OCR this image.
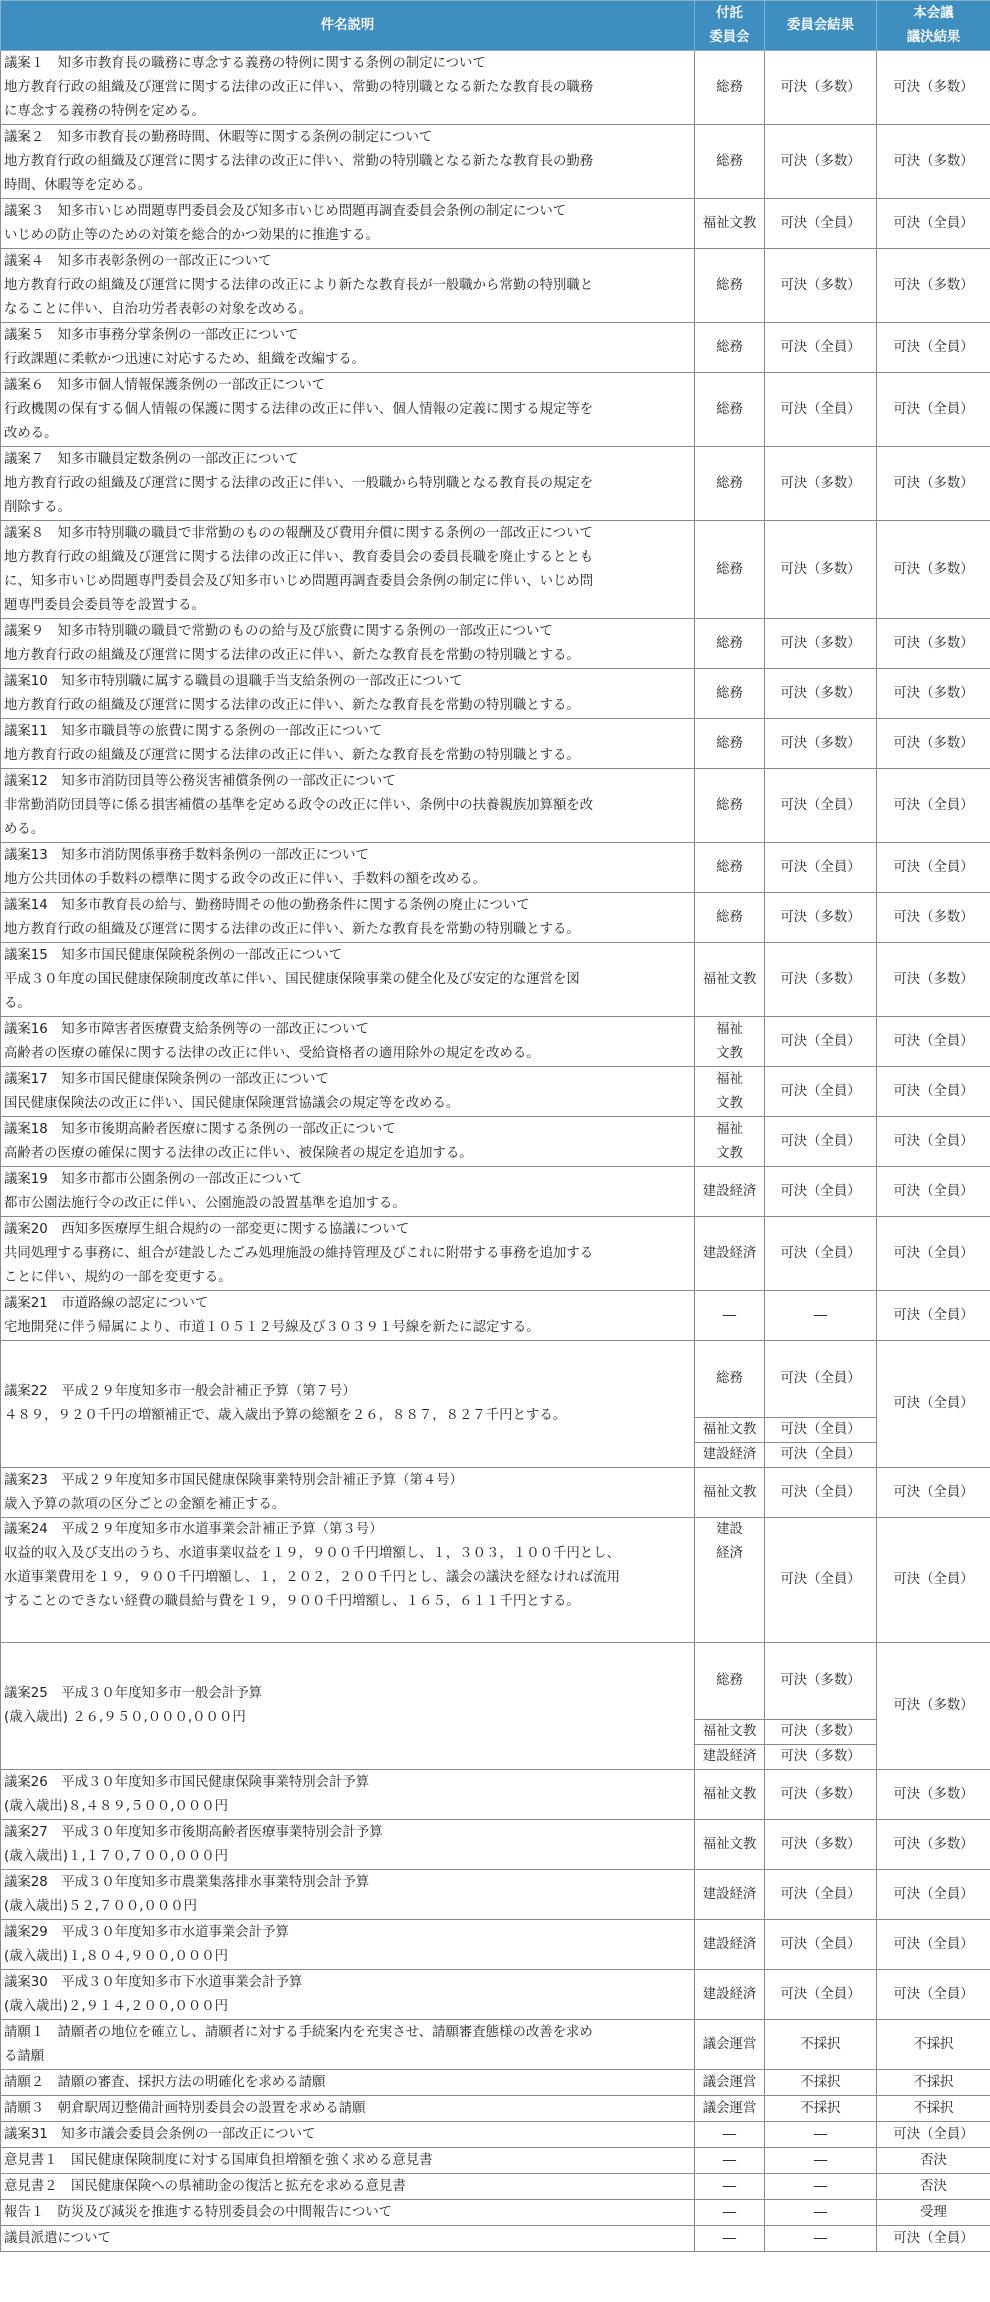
件名説明	付託
委員会	委員会結果	本会議
議決結果

議案１　知多市教育長の職務に専念する義務の特例に関する条例の制定について
地方教育行政の組織及び運営に関する法律の改正に伴い、常勤の特別職となる新たな教育長の職務
に専念する義務の特例を定める。	総務	可決（多数）	可決（多数）

議案２　知多市教育長の勤務時間、休暇等に関する条例の制定について
地方教育行政の組織及び運営に関する法律の改正に伴い、常勤の特別職となる新たな教育長の勤務
時間、休暇等を定める。	総務	可決（多数）	可決（多数）

議案３　知多市いじめ問題専門委員会及び知多市いじめ問題再調査委員会条例の制定について
いじめの防止等のための対策を総合的かつ効果的に推進する。	福祉文教	可決（全員）	可決（全員）

議案４　知多市表彰条例の一部改正について
地方教育行政の組織及び運営に関する法律の改正により新たな教育長が一般職から常勤の特別職と
なることに伴い、自治功労者表彰の対象を改める。	総務	可決（多数）	可決（多数）

議案５　知多市事務分掌条例の一部改正について
行政課題に柔軟かつ迅速に対応するため、組織を改編する。	総務	可決（全員）	可決（全員）

議案６　知多市個人情報保護条例の一部改正について
行政機関の保有する個人情報の保護に関する法律の改正に伴い、個人情報の定義に関する規定等を
改める。	総務	可決（全員）	可決（全員）

議案７　知多市職員定数条例の一部改正について
地方教育行政の組織及び運営に関する法律の改正に伴い、一般職から特別職となる教育長の規定を
削除する。	総務	可決（多数）	可決（多数）

議案８　知多市特別職の職員で非常勤のものの報酬及び費用弁償に関する条例の一部改正について
地方教育行政の組織及び運営に関する法律の改正に伴い、教育委員会の委員長職を廃止するととも
に、知多市いじめ問題専門委員会及び知多市いじめ問題再調査委員会条例の制定に伴い、いじめ問
題専門委員会委員等を設置する。	総務	可決（多数）	可決（多数）

議案９　知多市特別職の職員で常勤のものの給与及び旅費に関する条例の一部改正について
地方教育行政の組織及び運営に関する法律の改正に伴い、新たな教育長を常勤の特別職とする。	総務	可決（多数）	可決（多数）

議案10　知多市特別職に属する職員の退職手当支給条例の一部改正について
地方教育行政の組織及び運営に関する法律の改正に伴い、新たな教育長を常勤の特別職とする。	総務	可決（多数）	可決（多数）

議案11　知多市職員等の旅費に関する条例の一部改正について
地方教育行政の組織及び運営に関する法律の改正に伴い、新たな教育長を常勤の特別職とする。	総務	可決（多数）	可決（多数）

議案12　知多市消防団員等公務災害補償条例の一部改正について
非常勤消防団員等に係る損害補償の基準を定める政令の改正に伴い、条例中の扶養親族加算額を改
める。	総務	可決（全員）	可決（全員）

議案13　知多市消防関係事務手数料条例の一部改正について
地方公共団体の手数料の標準に関する政令の改正に伴い、手数料の額を改める。	総務	可決（全員）	可決（全員）

議案14　知多市教育長の給与、勤務時間その他の勤務条件に関する条例の廃止について
地方教育行政の組織及び運営に関する法律の改正に伴い、新たな教育長を常勤の特別職とする。	総務	可決（多数）	可決（多数）

議案15　知多市国民健康保険税条例の一部改正について
平成３０年度の国民健康保険制度改革に伴い、国民健康保険事業の健全化及び安定的な運営を図
る。	福祉文教	可決（多数）	可決（多数）

議案16　知多市障害者医療費支給条例等の一部改正について
高齢者の医療の確保に関する法律の改正に伴い、受給資格者の適用除外の規定を改める。	福祉
文教	可決（全員）	可決（全員）

議案17　知多市国民健康保険条例の一部改正について
国民健康保険法の改正に伴い、国民健康保険運営協議会の規定等を改める。	福祉
文教	可決（全員）	可決（全員）

議案18　知多市後期高齢者医療に関する条例の一部改正について
高齢者の医療の確保に関する法律の改正に伴い、被保険者の規定を追加する。	福祉
文教	可決（全員）	可決（全員）

議案19　知多市都市公園条例の一部改正について
都市公園法施行令の改正に伴い、公園施設の設置基準を追加する。	建設経済	可決（全員）	可決（全員）

議案20　西知多医療厚生組合規約の一部変更に関する協議について
共同処理する事務に、組合が建設したごみ処理施設の維持管理及びこれに附帯する事務を追加する
ことに伴い、規約の一部を変更する。	建設経済	可決（全員）	可決（全員）

議案21　市道路線の認定について
宅地開発に伴う帰属により、市道１０５１２号線及び３０３９１号線を新たに認定する。	―	―	可決（全員）

議案22　平成２９年度知多市一般会計補正予算（第７号）
４８９，９２０千円の増額補正で、歳入歳出予算の総額を２６，８８７，８２７千円とする。	総務	可決（全員）	可決（全員）
	福祉文教	可決（全員）	
	建設経済	可決（全員）	

議案23　平成２９年度知多市国民健康保険事業特別会計補正予算（第４号）
歳入予算の款項の区分ごとの金額を補正する。	福祉文教	可決（全員）	可決（全員）

議案24　平成２９年度知多市水道事業会計補正予算（第３号）
収益的収入及び支出のうち、水道事業収益を１９，９００千円増額し、１，３０３，１００千円とし、
水道事業費用を１９，９００千円増額し、１，２０２，２００千円とし、議会の議決を経なければ流用
することのできない経費の職員給与費を１９，９００千円増額し、１６５，６１１千円とする。	建設
経済	可決（全員）	可決（全員）

議案25　平成３０年度知多市一般会計予算
(歳入歳出) ２６,９５０,０００,０００円	総務	可決（多数）	可決（多数）
	福祉文教	可決（多数）	
	建設経済	可決（多数）	

議案26　平成３０年度知多市国民健康保険事業特別会計予算
(歳入歳出)８,４８９,５００,０００円	福祉文教	可決（多数）	可決（多数）

議案27　平成３０年度知多市後期高齢者医療事業特別会計予算
(歳入歳出)１,１７０,７００,０００円	福祉文教	可決（多数）	可決（多数）

議案28　平成３０年度知多市農業集落排水事業特別会計予算
(歳入歳出)５２,７００,０００円	建設経済	可決（全員）	可決（全員）

議案29　平成３０年度知多市水道事業会計予算
(歳入歳出)１,８０４,９００,０００円	建設経済	可決（全員）	可決（全員）

議案30　平成３０年度知多市下水道事業会計予算
(歳入歳出)２,９１４,２００,０００円	建設経済	可決（全員）	可決（全員）

請願１　請願者の地位を確立し、請願者に対する手続案内を充実させ、請願審査態様の改善を求め
る請願	議会運営	不採択	不採択

請願２　請願の審査、採択方法の明確化を求める請願	議会運営	不採択	不採択

請願３　朝倉駅周辺整備計画特別委員会の設置を求める請願	議会運営	不採択	不採択

議案31　知多市議会委員会条例の一部改正について	―	―	可決（全員）

意見書１　国民健康保険制度に対する国庫負担増額を強く求める意見書	―	―	否決

意見書２　国民健康保険への県補助金の復活と拡充を求める意見書	―	―	否決

報告１　防災及び減災を推進する特別委員会の中間報告について	―	―	受理

議員派遣について	―	―	可決（全員）
